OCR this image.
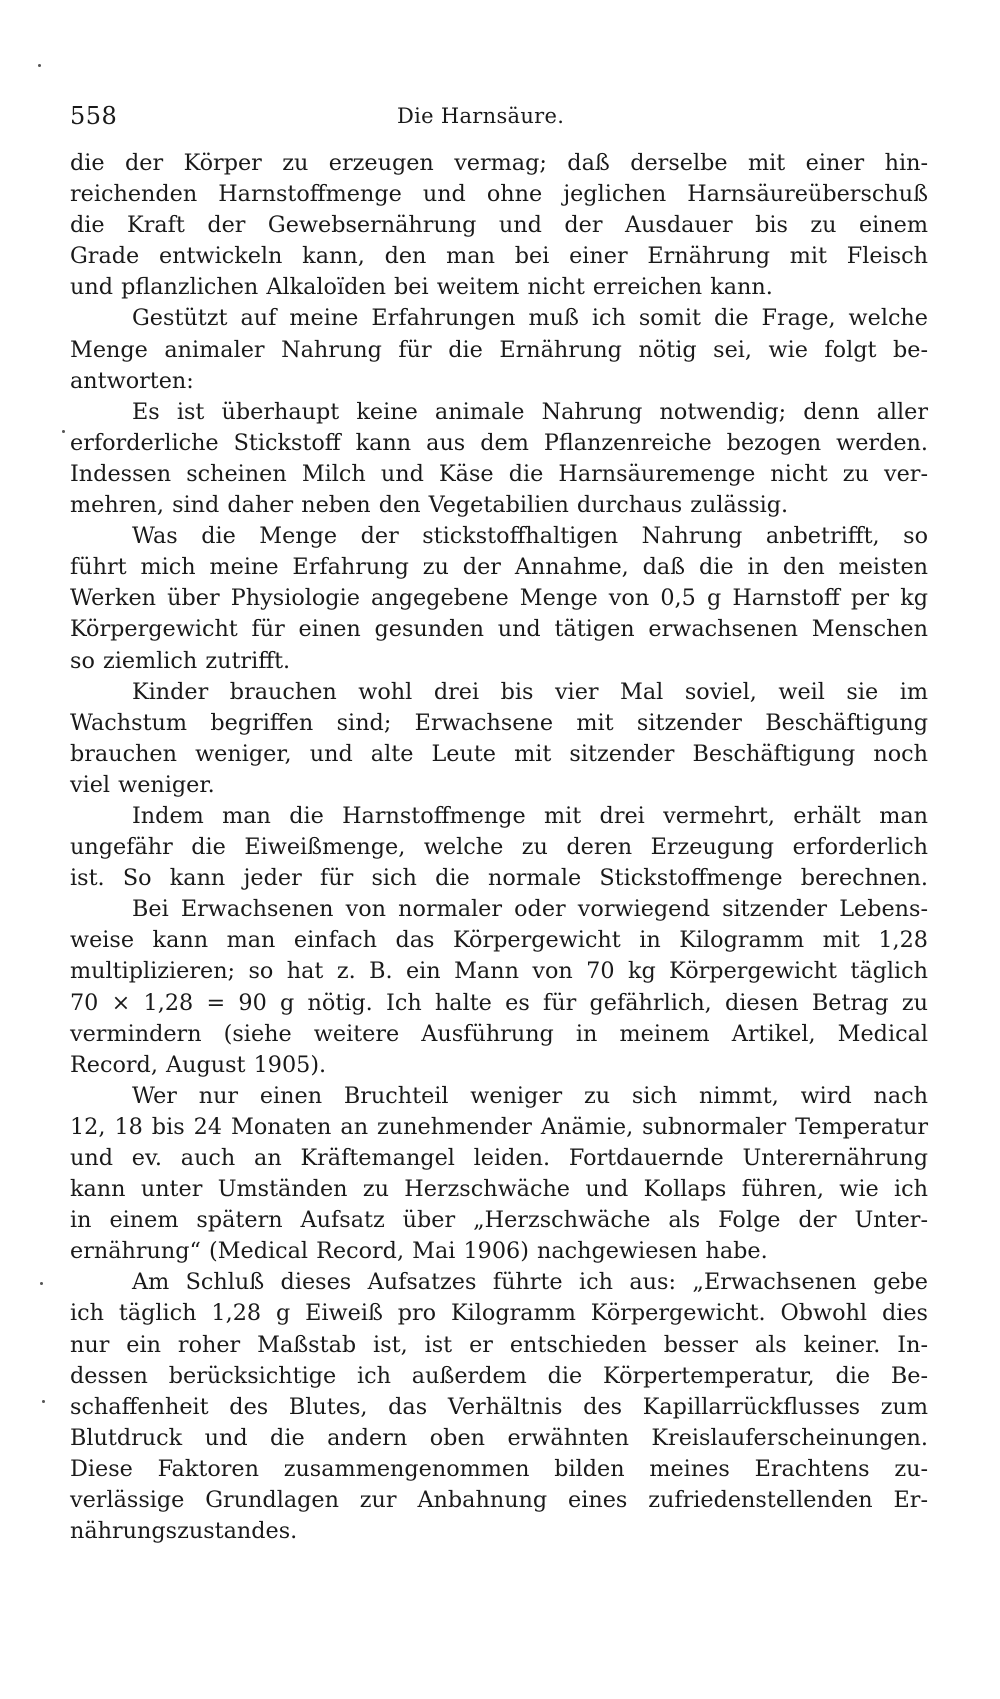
558	Die Harnsäure.
die der Körper zu erzeugen vermag; daß derselbe mit einer hin-
reichenden Harnstoffmenge und ohne jeglichen Harnsäureüberschuß
die Kraft der Gewebsernährung und der Ausdauer bis zu einem
Grade entwickeln kann, den man bei einer Ernährung mit Fleisch
und pflanzlichen Alkaloïden bei weitem nicht erreichen kann.
Gestützt auf meine Erfahrungen muß ich somit die Frage, welche
Menge animaler Nahrung für die Ernährung nötig sei, wie folgt be-
antworten:
Es ist überhaupt keine animale Nahrung notwendig; denn aller
erforderliche Stickstoff kann aus dem Pflanzenreiche bezogen werden.
Indessen scheinen Milch und Käse die Harnsäuremenge nicht zu ver-
mehren, sind daher neben den Vegetabilien durchaus zulässig.
Was die Menge der stickstoffhaltigen Nahrung anbetrifft, so
führt mich meine Erfahrung zu der Annahme, daß die in den meisten
Werken über Physiologie angegebene Menge von 0,5 g Harnstoff per kg
Körpergewicht für einen gesunden und tätigen erwachsenen Menschen
so ziemlich zutrifft.
Kinder brauchen wohl drei bis vier Mal soviel, weil sie im
Wachstum begriffen sind; Erwachsene mit sitzender Beschäftigung
brauchen weniger, und alte Leute mit sitzender Beschäftigung noch
viel weniger.
Indem man die Harnstoffmenge mit drei vermehrt, erhält man
ungefähr die Eiweißmenge, welche zu deren Erzeugung erforderlich
ist. So kann jeder für sich die normale Stickstoffmenge berechnen.
Bei Erwachsenen von normaler oder vorwiegend sitzender Lebens-
weise kann man einfach das Körpergewicht in Kilogramm mit 1,28
multiplizieren; so hat z. B. ein Mann von 70 kg Körpergewicht täglich
70 × 1,28 = 90 g nötig. Ich halte es für gefährlich, diesen Betrag zu
vermindern (siehe weitere Ausführung in meinem Artikel, Medical
Record, August 1905).
Wer nur einen Bruchteil weniger zu sich nimmt, wird nach
12, 18 bis 24 Monaten an zunehmender Anämie, subnormaler Temperatur
und ev. auch an Kräftemangel leiden. Fortdauernde Unterernährung
kann unter Umständen zu Herzschwäche und Kollaps führen, wie ich
in einem spätern Aufsatz über „Herzschwäche als Folge der Unter-
ernährung“ (Medical Record, Mai 1906) nachgewiesen habe.
Am Schluß dieses Aufsatzes führte ich aus: „Erwachsenen gebe
ich täglich 1,28 g Eiweiß pro Kilogramm Körpergewicht. Obwohl dies
nur ein roher Maßstab ist, ist er entschieden besser als keiner. In-
dessen berücksichtige ich außerdem die Körpertemperatur, die Be-
schaffenheit des Blutes, das Verhältnis des Kapillarrückflusses zum
Blutdruck und die andern oben erwähnten Kreislauferscheinungen.
Diese Faktoren zusammengenommen bilden meines Erachtens zu-
verlässige Grundlagen zur Anbahnung eines zufriedenstellenden Er-
nährungszustandes.
